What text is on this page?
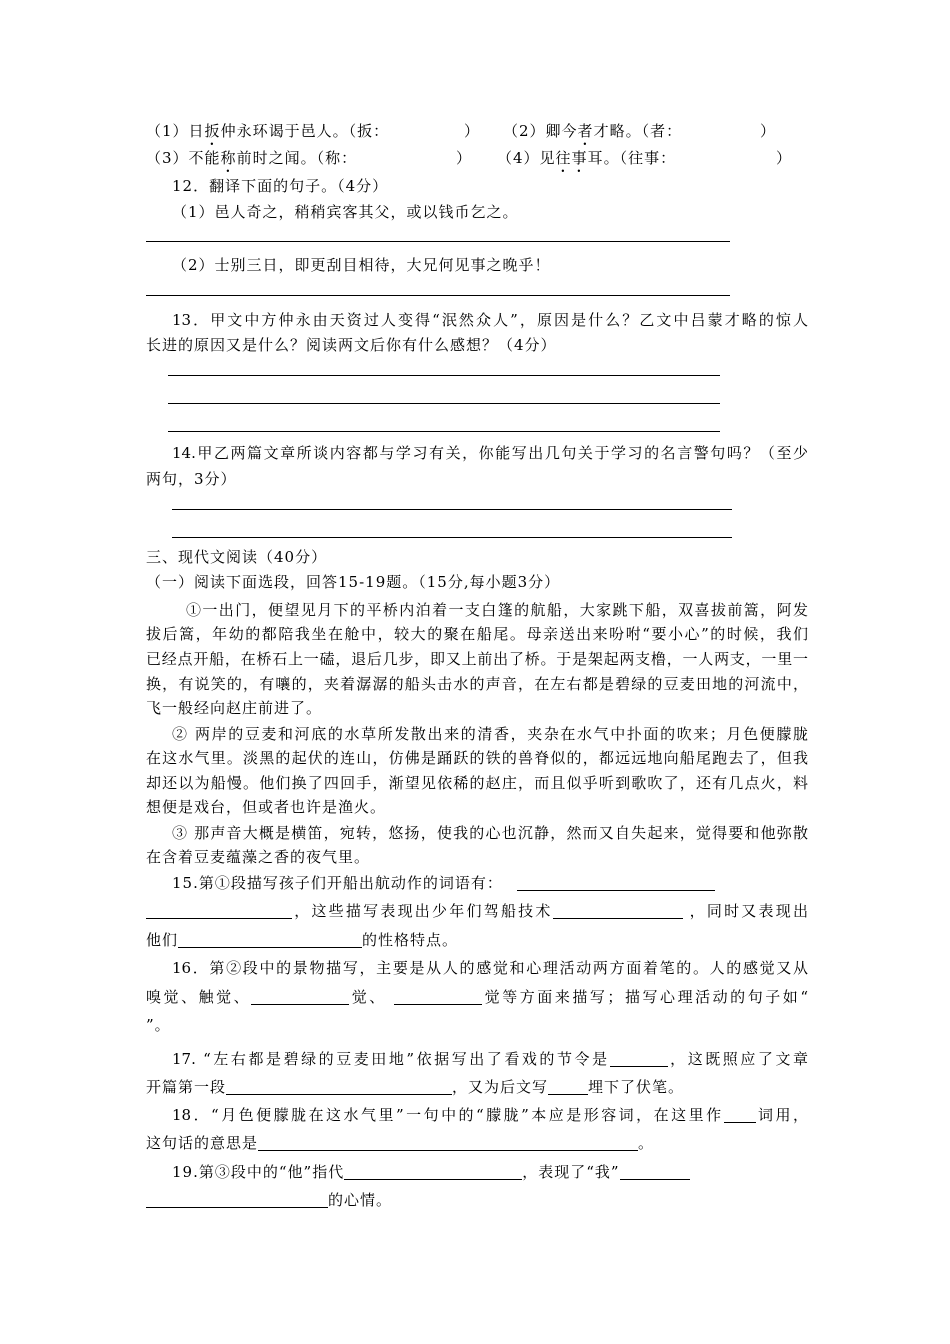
（1）日扳仲永环谒于邑人。（扳：	） （2）卿今者才略。（者：	）
（3）不能称前时之闻。（称：	） （4）见往事耳。（往事：	）
12．翻译下面的句子。（4分）
（1）邑人奇之，稍稍宾客其父，或以钱币乞之。
（2）士别三日，即更刮目相待，大兄何见事之晚乎！
13．甲文中方仲永由天资过人变得“泯然众人”，原因是什么？乙文中吕蒙才略的惊人
长进的原因又是什么？阅读两文后你有什么感想？（4分）
14.甲乙两篇文章所谈内容都与学习有关，你能写出几句关于学习的名言警句吗？（至少
两句，3分）
三、现代文阅读（40分）
（一）阅读下面选段，回答15-19题。（15分,每小题3分）
①一出门，便望见月下的平桥内泊着一支白篷的航船，大家跳下船，双喜拔前篙，阿发
拔后篙，年幼的都陪我坐在舱中，较大的聚在船尾。母亲送出来吩咐“要小心”的时候，我们
已经点开船，在桥石上一磕，退后几步，即又上前出了桥。于是架起两支橹，一人两支，一里一
换，有说笑的，有嚷的，夹着潺潺的船头击水的声音，在左右都是碧绿的豆麦田地的河流中，
飞一般经向赵庄前进了。
② 两岸的豆麦和河底的水草所发散出来的清香，夹杂在水气中扑面的吹来；月色便朦胧
在这水气里。淡黑的起伏的连山，仿佛是踊跃的铁的兽脊似的，都远远地向船尾跑去了，但我
却还以为船慢。他们换了四回手，渐望见依稀的赵庄，而且似乎听到歌吹了，还有几点火，料
想便是戏台，但或者也许是渔火。
③ 那声音大概是横笛，宛转，悠扬，使我的心也沉静，然而又自失起来，觉得要和他弥散
在含着豆麦蕴藻之香的夜气里。
15.第①段描写孩子们开船出航动作的词语有：
，这些描写表现出少年们驾船技术	，同时又表现出
他们	的性格特点。
16．第②段中的景物描写，主要是从人的感觉和心理活动两方面着笔的。人的感觉又从
嗅觉、触觉、	觉、	觉等方面来描写；描写心理活动的句子如“
”。
17. “左右都是碧绿的豆麦田地”依据写出了看戏的节令是	，这既照应了文章
开篇第一段	，又为后文写	埋下了伏笔。
18．“月色便朦胧在这水气里”一句中的“朦胧”本应是形容词，在这里作 词用，
这句话的意思是	。
19.第③段中的“他”指代	，表现了“我”
的心情。
